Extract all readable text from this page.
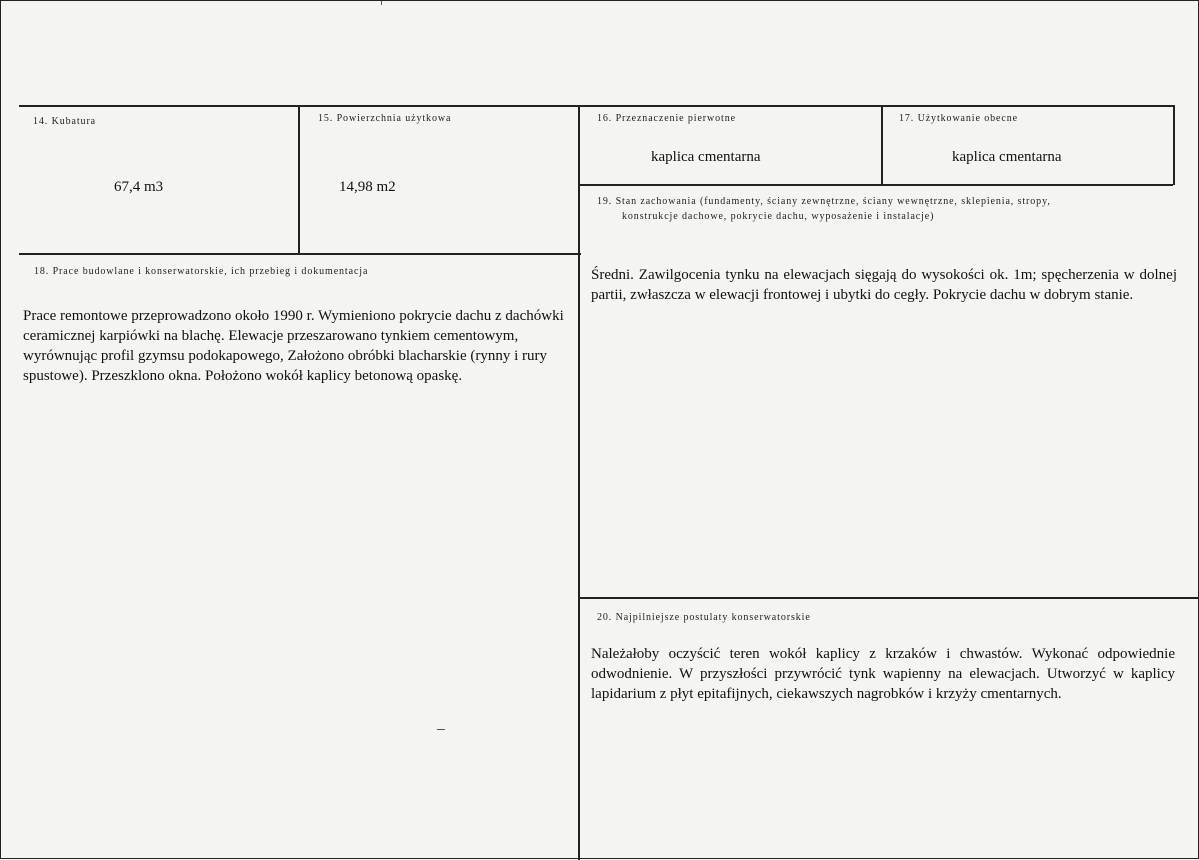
14. Kubatura
67,4 m3
15. Powierzchnia użytkowa
14,98 m2
16. Przeznaczenie pierwotne
kaplica cmentarna
17. Użytkowanie obecne
kaplica cmentarna
19. Stan zachowania (fundamenty, ściany zewnętrzne, ściany wewnętrzne, sklepienia, stropy,
konstrukcje dachowe, pokrycie dachu, wyposażenie i instalacje)
Średni. Zawilgocenia tynku na elewacjach sięgają do wysokości ok. 1m; spęcherzenia w dolnej partii, zwłaszcza w elewacji frontowej i ubytki do cegły. Pokrycie dachu w dobrym stanie.
18. Prace budowlane i konserwatorskie, ich przebieg i dokumentacja
Prace remontowe przeprowadzono około 1990 r. Wymieniono pokrycie dachu z dachówki ceramicznej karpiówki na blachę. Elewacje przeszarowano tynkiem cementowym, wyrównując profil gzymsu podokapowego, Założono obróbki blacharskie (rynny i rury spustowe). Przeszklono okna. Położono wokół kaplicy betonową opaskę.
20. Najpilniejsze postulaty konserwatorskie
Należałoby oczyścić teren wokół kaplicy z krzaków i chwastów. Wykonać odpowiednie odwodnienie. W przyszłości przywrócić tynk wapienny na elewacjach. Utworzyć w kaplicy lapidarium z płyt epitafijnych, ciekawszych nagrobków i krzyży cmentarnych.
